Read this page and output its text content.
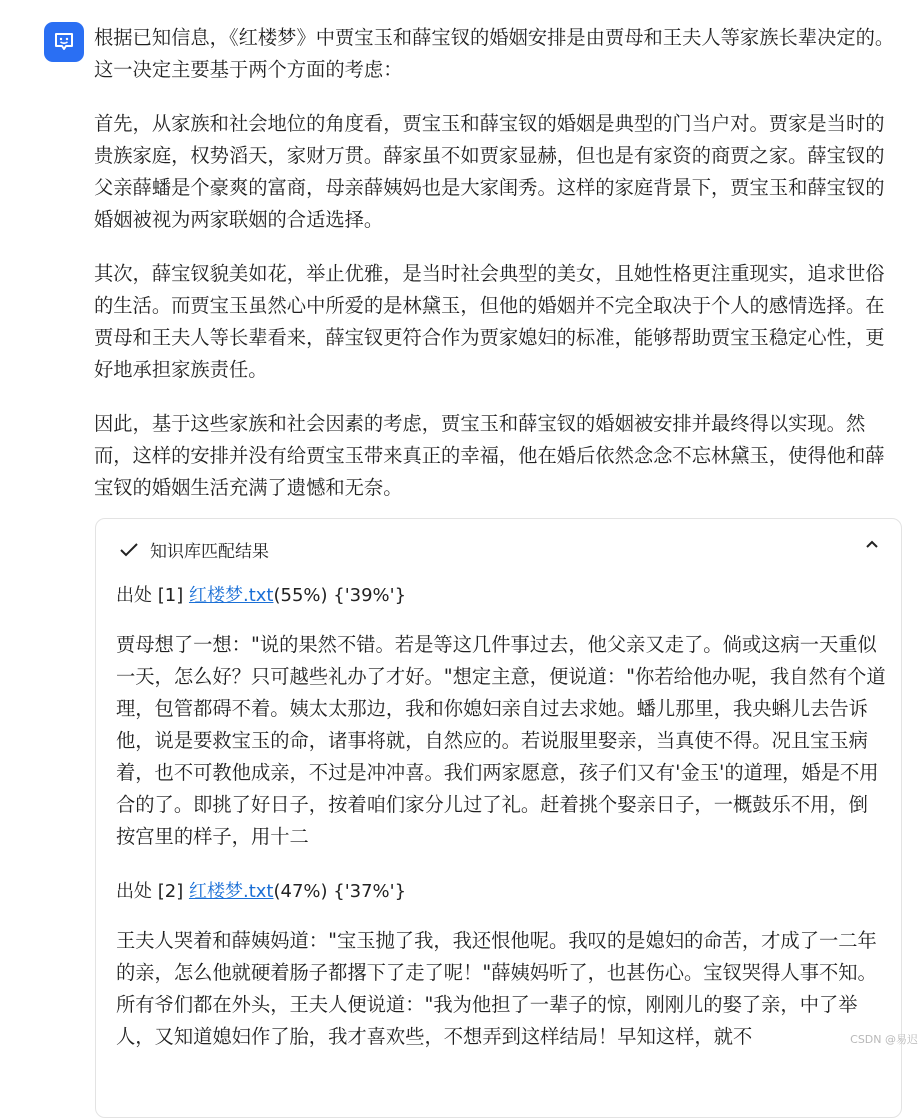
根据已知信息，《红楼梦》中贾宝玉和薛宝钗的婚姻安排是由贾母和王夫人等家族长辈决定的。这一决定主要基于两个方面的考虑：

首先，从家族和社会地位的角度看，贾宝玉和薛宝钗的婚姻是典型的门当户对。贾家是当时的贵族家庭，权势滔天，家财万贯。薛家虽不如贾家显赫，但也是有家资的商贾之家。薛宝钗的父亲薛蟠是个豪爽的富商，母亲薛姨妈也是大家闺秀。这样的家庭背景下，贾宝玉和薛宝钗的婚姻被视为两家联姻的合适选择。

其次，薛宝钗貌美如花，举止优雅，是当时社会典型的美女，且她性格更注重现实，追求世俗的生活。而贾宝玉虽然心中所爱的是林黛玉，但他的婚姻并不完全取决于个人的感情选择。在贾母和王夫人等长辈看来，薛宝钗更符合作为贾家媳妇的标准，能够帮助贾宝玉稳定心性，更好地承担家族责任。

因此，基于这些家族和社会因素的考虑，贾宝玉和薛宝钗的婚姻被安排并最终得以实现。然而，这样的安排并没有给贾宝玉带来真正的幸福，他在婚后依然念念不忘林黛玉，使得他和薛宝钗的婚姻生活充满了遗憾和无奈。

知识库匹配结果
出处 [1] 红楼梦.txt(55%) {'39%'}
贾母想了一想："说的果然不错。若是等这几件事过去，他父亲又走了。倘或这病一天重似一天，怎么好？只可越些礼办了才好。"想定主意，便说道："你若给他办呢，我自然有个道理，包管都碍不着。姨太太那边，我和你媳妇亲自过去求她。蟠儿那里，我央蝌儿去告诉他，说是要救宝玉的命，诸事将就，自然应的。若说服里娶亲，当真使不得。况且宝玉病着，也不可教他成亲，不过是冲冲喜。我们两家愿意，孩子们又有'金玉'的道理，婚是不用合的了。即挑了好日子，按着咱们家分儿过了礼。赶着挑个娶亲日子，一概鼓乐不用，倒按宫里的样子，用十二
出处 [2] 红楼梦.txt(47%) {'37%'}
王夫人哭着和薛姨妈道："宝玉抛了我，我还恨他呢。我叹的是媳妇的命苦，才成了一二年的亲，怎么他就硬着肠子都撂下了走了呢！"薛姨妈听了，也甚伤心。宝钗哭得人事不知。所有爷们都在外头，王夫人便说道："我为他担了一辈子的惊，刚刚儿的娶了亲，中了举人，又知道媳妇作了胎，我才喜欢些，不想弄到这样结局！早知这样，就不	CSDN @易迟
